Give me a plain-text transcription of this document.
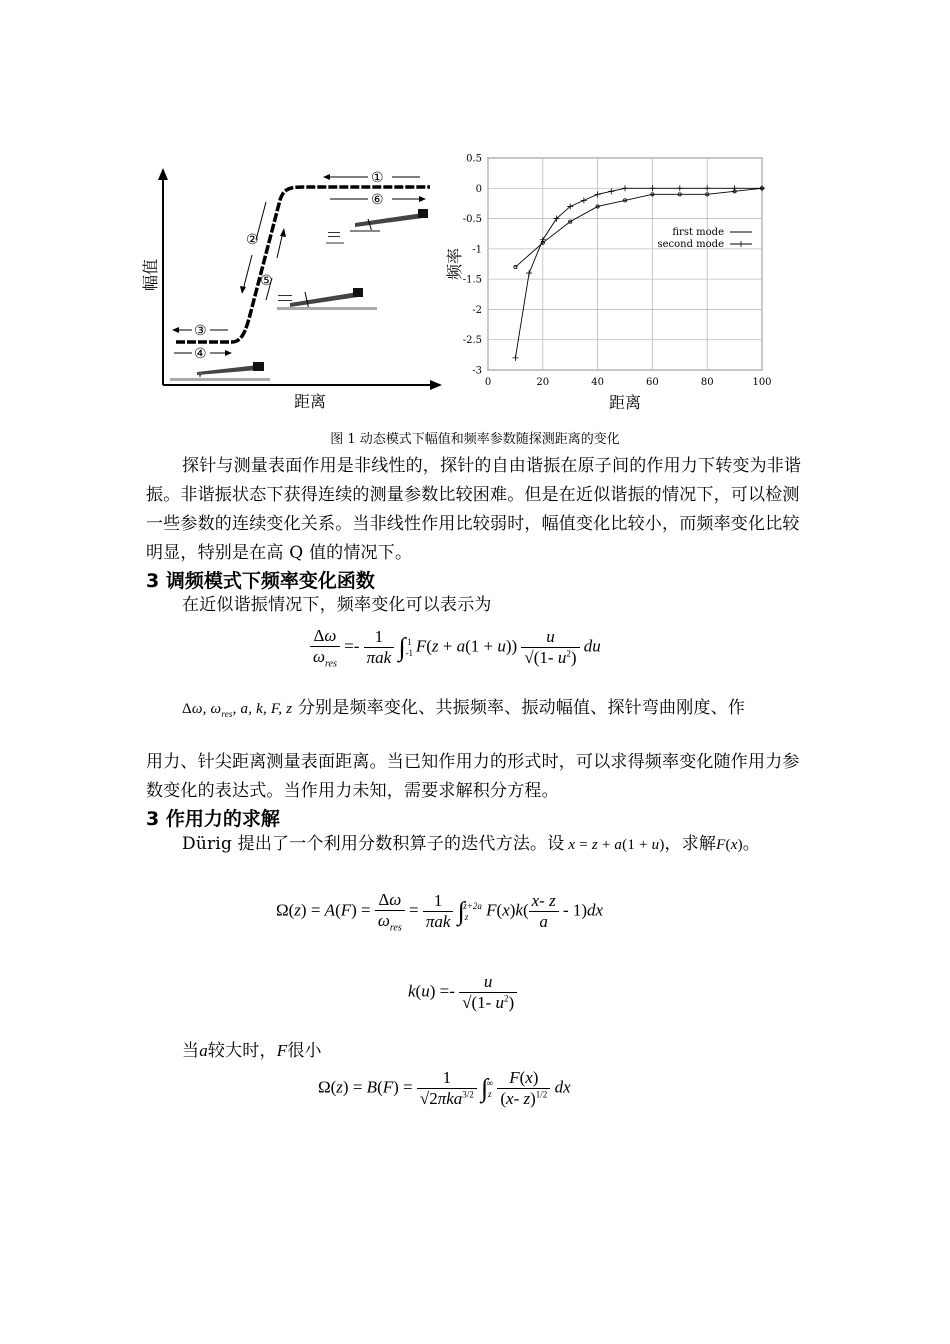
①
⑥
②
⑤
③
④
幅值
距离
0	20	40	60	80	100
0.5
0
-0.5
-1
-1.5
-2
-2.5
-3
first mode
second mode
频率
距离
图 1 动态模式下幅值和频率参数随探测距离的变化
探针与测量表面作用是非线性的，探针的自由谐振在原子间的作用力下转变为非谐振。非谐振状态下获得连续的测量参数比较困难。但是在近似谐振的情况下，可以检测一些参数的连续变化关系。当非线性作用比较弱时，幅值变化比较小，而频率变化比较明显，特别是在高 Q 值的情况下。
3 调频模式下频率变化函数
在近似谐振情况下，频率变化可以表示为
$\frac{\Delta\omega}{\omega_{res}} =- \frac{1}{\text{πak}} \int_{-1}^1$ $F(z + a(1 + u)) \frac{u}{√(1- u^2)}$ du
Δω, $\omega_{res}$, a, k, F, z 分别是频率变化、共振频率、振动幅值、探针弯曲刚度、作
用力、针尖距离测量表面距离。当已知作用力的形式时，可以求得频率变化随作用力参数变化的表达式。当作用力未知，需要求解积分方程。
3 作用力的求解
Dürig 提出了一个利用分数积算子的迭代方法。设 x = z + a(1 + u)，求解F(x)。
$\Omega(z) = A(F) = \frac{\Delta\omega}{\omega_{res}} = \frac{1}{\text{πak}} \int_z^{z+2a}$ $F(x)k( \frac{x- z}{a} - 1)dx$
$k(u) =- \frac{u}{√(1- u^2)}$
当a较大时，F很小
$\Omega(z) = B(F) = \frac{1}{√2\pi ka^{3/2}} \int_z^\infty \frac{F(x)}{(x- z)^{1/2}}$ dx
